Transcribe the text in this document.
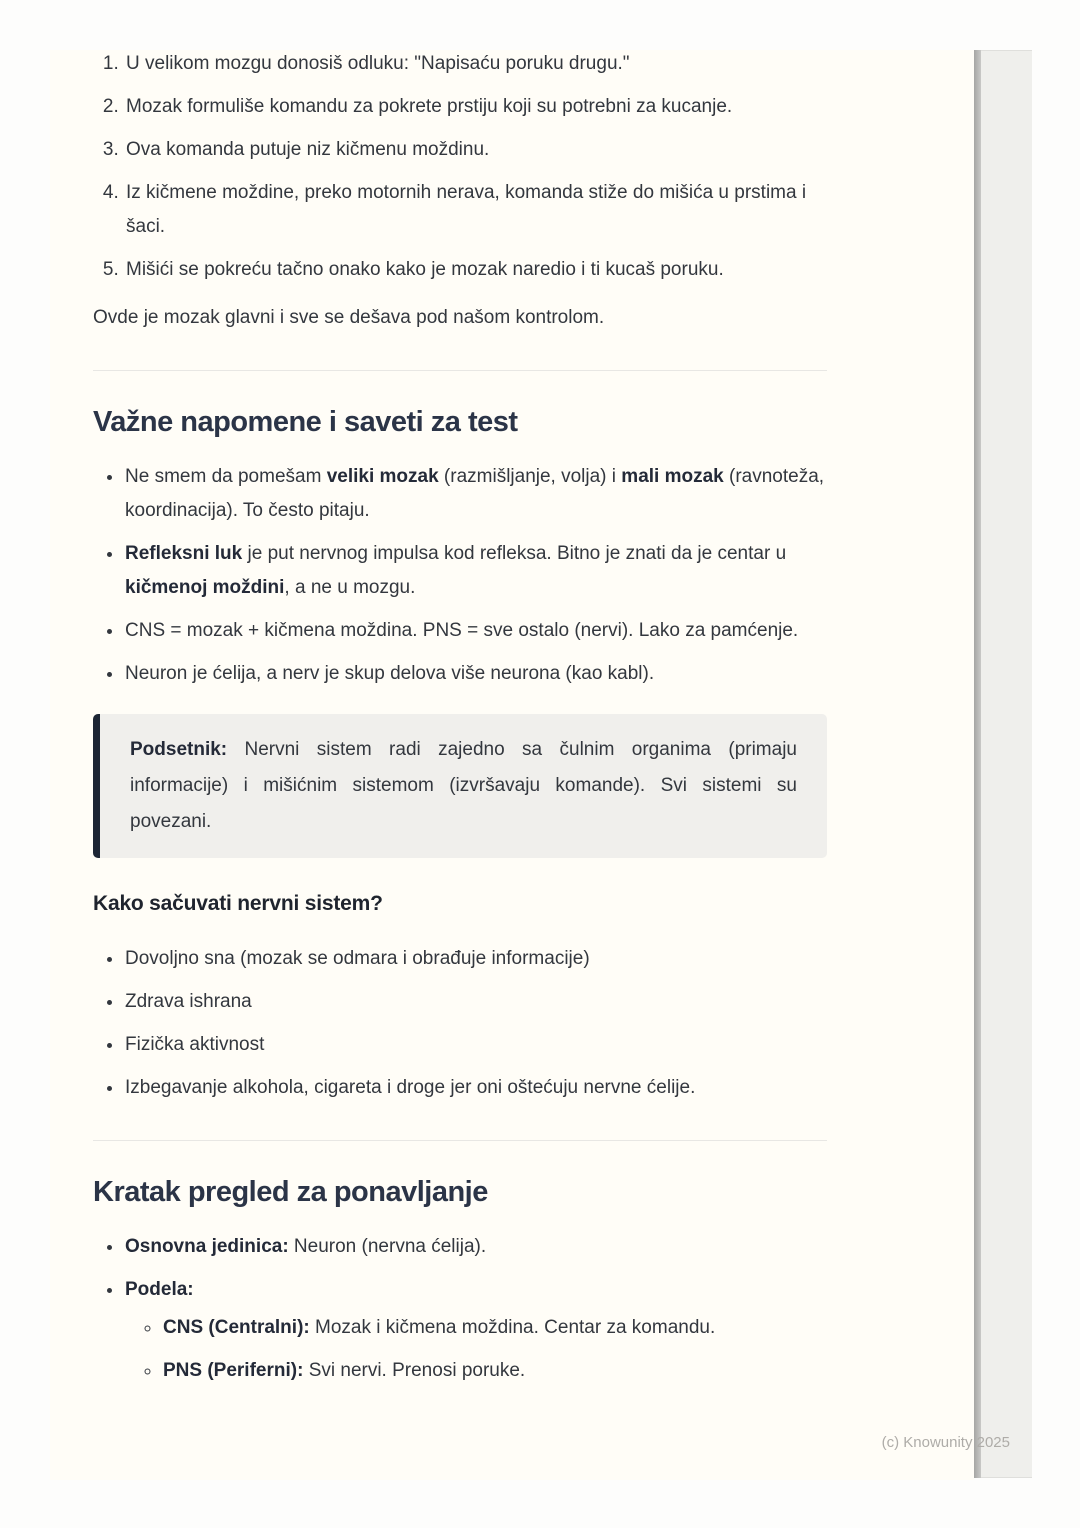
1. U velikom mozgu donosiš odluku: "Napisaću poruku drugu."
2. Mozak formuliše komandu za pokrete prstiju koji su potrebni za kucanje.
3. Ova komanda putuje niz kičmenu moždinu.
4. Iz kičmene moždine, preko motornih nerava, komanda stiže do mišića u prstima i šaci.
5. Mišići se pokreću tačno onako kako je mozak naredio i ti kucaš poruku.

Ovde je mozak glavni i sve se dešava pod našom kontrolom.

Važne napomene i saveti za test
• Ne smem da pomešam veliki mozak (razmišljanje, volja) i mali mozak (ravnoteža, koordinacija). To često pitaju.
• Refleksni luk je put nervnog impulsa kod refleksa. Bitno je znati da je centar u kičmenoj moždini, a ne u mozgu.
• CNS = mozak + kičmena moždina. PNS = sve ostalo (nervi). Lako za pamćenje.
• Neuron je ćelija, a nerv je skup delova više neurona (kao kabl).
Podsetnik: Nervni sistem radi zajedno sa čulnim organima (primaju informacije) i mišićnim sistemom (izvršavaju komande). Svi sistemi su povezani.
Kako sačuvati nervni sistem?
• Dovoljno sna (mozak se odmara i obrađuje informacije)
• Zdrava ishrana
• Fizička aktivnost
• Izbegavanje alkohola, cigareta i droge jer oni oštećuju nervne ćelije.
Kratak pregled za ponavljanje
• Osnovna jedinica: Neuron (nervna ćelija).
• Podela:
◦ CNS (Centralni): Mozak i kičmena moždina. Centar za komandu.
◦ PNS (Periferni): Svi nervi. Prenosi poruke.
(c) Knowunity 2025
